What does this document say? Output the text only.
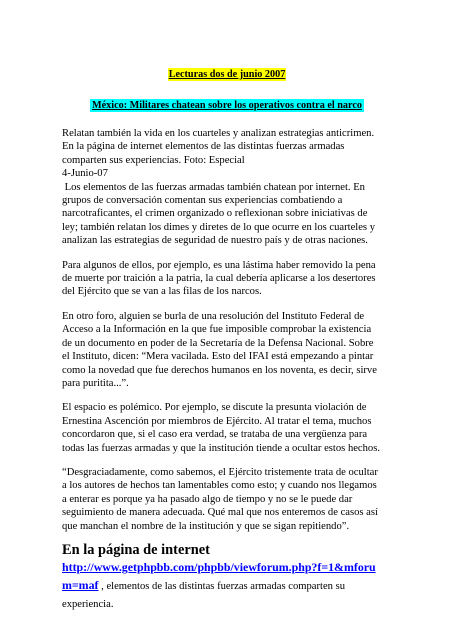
Lecturas dos de junio 2007
México: Militares chatean sobre los operativos contra el narco

Relatan también la vida en los cuarteles y analizan estrategias anticrimen.
En la página de internet elementos de las distintas fuerzas armadas
comparten sus experiencias. Foto: Especial
4-Junio-07
Los elementos de las fuerzas armadas también chatean por internet. En
grupos de conversación comentan sus experiencias combatiendo a
narcotraficantes, el crimen organizado o reflexionan sobre iniciativas de
ley; también relatan los dimes y diretes de lo que ocurre en los cuarteles y
analizan las estrategias de seguridad de nuestro país y de otras naciones.

Para algunos de ellos, por ejemplo, es una lástima haber removido la pena
de muerte por traición a la patria, la cual debería aplicarse a los desertores
del Ejército que se van a las filas de los narcos.

En otro foro, alguien se burla de una resolución del Instituto Federal de
Acceso a la Información en la que fue imposible comprobar la existencia
de un documento en poder de la Secretaría de la Defensa Nacional. Sobre
el Instituto, dicen: “Mera vacilada. Esto del IFAI está empezando a pintar
como la novedad que fue derechos humanos en los noventa, es decir, sirve
para puritita...”.

El espacio es polémico. Por ejemplo, se discute la presunta violación de
Ernestina Ascención por miembros de Ejército. Al tratar el tema, muchos
concordaron que, si el caso era verdad, se trataba de una vergüenza para
todas las fuerzas armadas y que la institución tiende a ocultar estos hechos.

“Desgraciadamente, como sabemos, el Ejército tristemente trata de ocultar
a los autores de hechos tan lamentables como esto; y cuando nos llegamos
a enterar es porque ya ha pasado algo de tiempo y no se le puede dar
seguimiento de manera adecuada. Qué mal que nos enteremos de casos así
que manchan el nombre de la institución y que se sigan repitiendo”.

En la página de internet
http://www.getphpbb.com/phpbb/viewforum.php?f=1&mforu
m=maf , elementos de las distintas fuerzas armadas comparten su
experiencia.
